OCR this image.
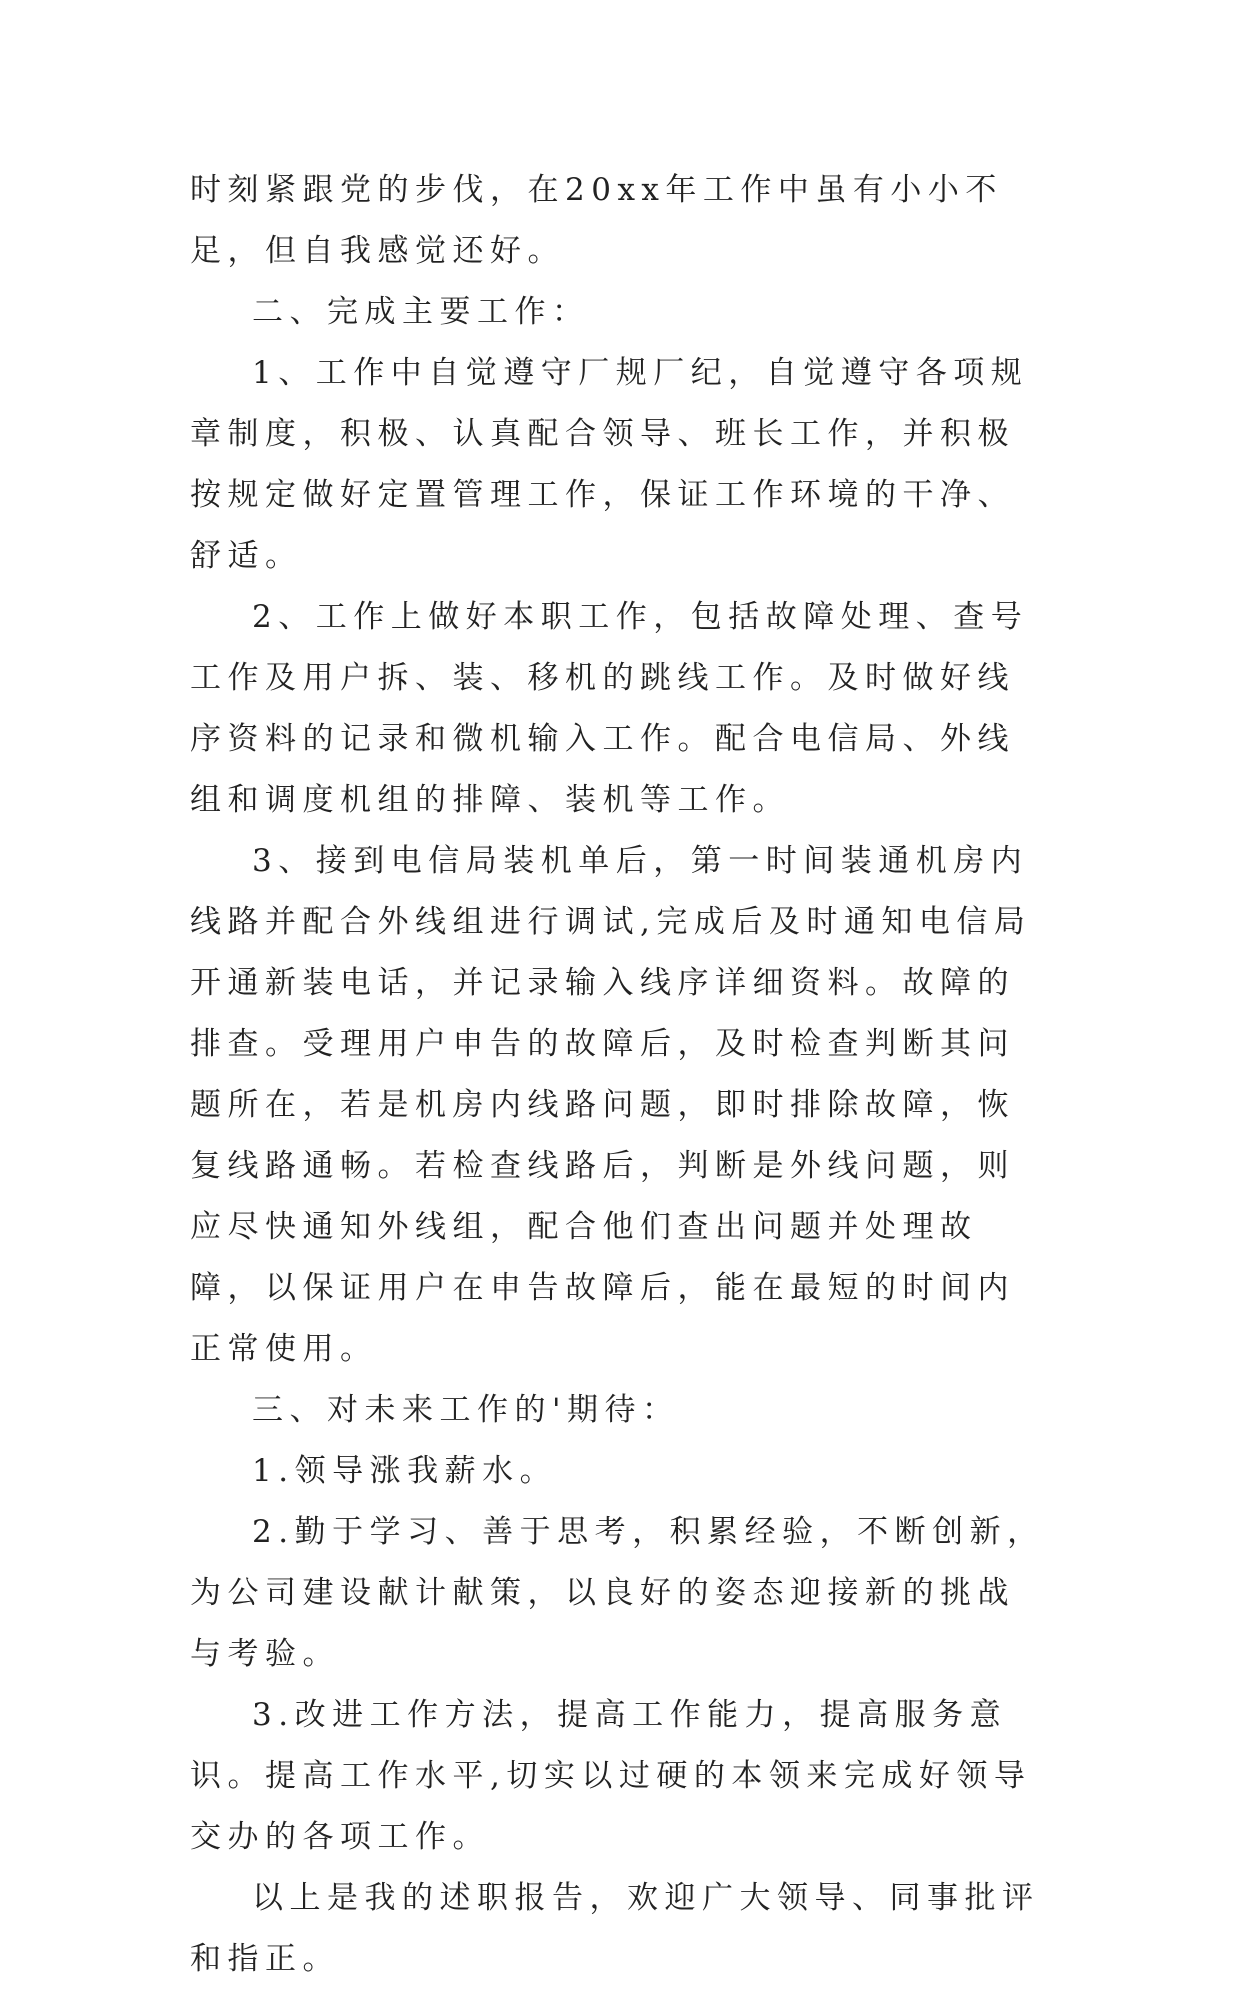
时刻紧跟党的步伐，在20xx年工作中虽有小小不足，但自我感觉还好。

二、完成主要工作：

1、工作中自觉遵守厂规厂纪，自觉遵守各项规章制度，积极、认真配合领导、班长工作，并积极按规定做好定置管理工作，保证工作环境的干净、舒适。

2、工作上做好本职工作，包括故障处理、查号工作及用户拆、装、移机的跳线工作。及时做好线序资料的记录和微机输入工作。配合电信局、外线组和调度机组的排障、装机等工作。

3、接到电信局装机单后，第一时间装通机房内线路并配合外线组进行调试,完成后及时通知电信局开通新装电话，并记录输入线序详细资料。故障的排查。受理用户申告的故障后，及时检查判断其问题所在，若是机房内线路问题，即时排除故障，恢复线路通畅。若检查线路后，判断是外线问题，则应尽快通知外线组，配合他们查出问题并处理故障，以保证用户在申告故障后，能在最短的时间内正常使用。

三、对未来工作的'期待：

1.领导涨我薪水。

2.勤于学习、善于思考，积累经验，不断创新，为公司建设献计献策，以良好的姿态迎接新的挑战与考验。

3.改进工作方法，提高工作能力，提高服务意识。提高工作水平,切实以过硬的本领来完成好领导交办的各项工作。

以上是我的述职报告，欢迎广大领导、同事批评和指正。
